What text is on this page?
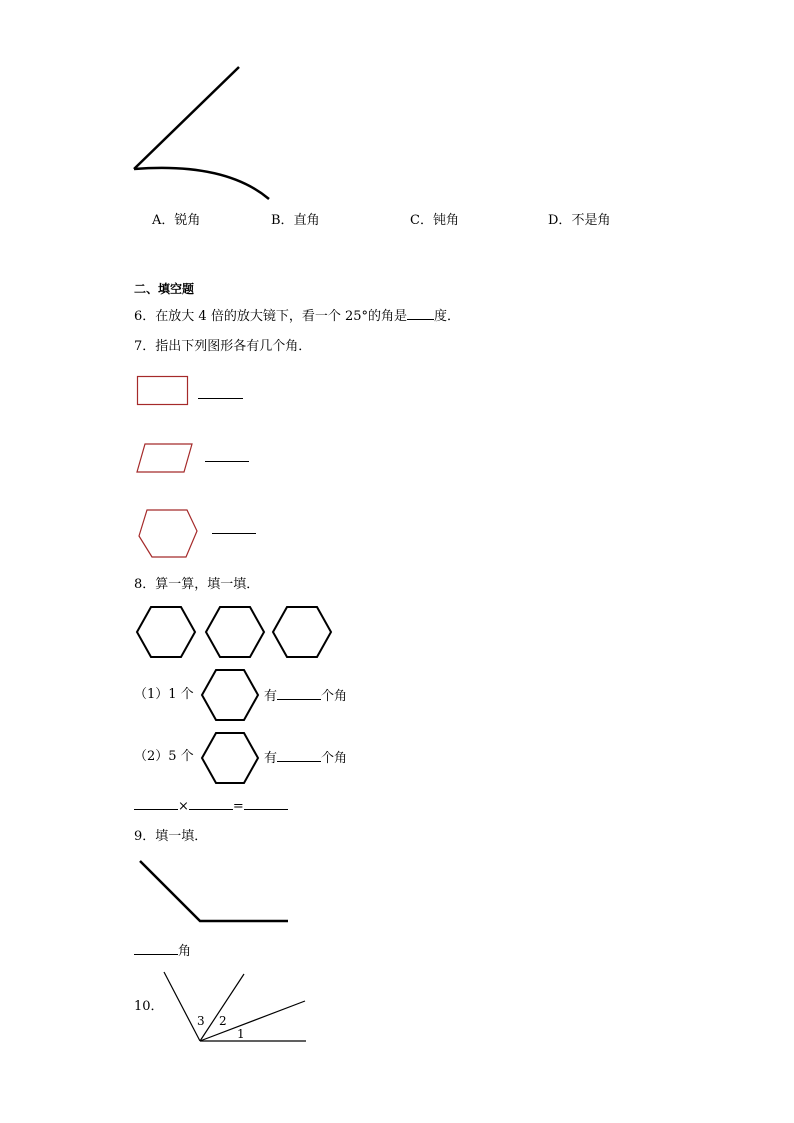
A．锐角	B．直角	C．钝角	D．不是角
二、填空题
6．在放大 4 倍的放大镜下，看一个 25°的角是 度．
7．指出下列图形各有几个角．
8．算一算，填一填．
（1）1 个	有	个角
（2）5 个	有	个角
×	=
9．填一填．
角
10．
1
2
3
